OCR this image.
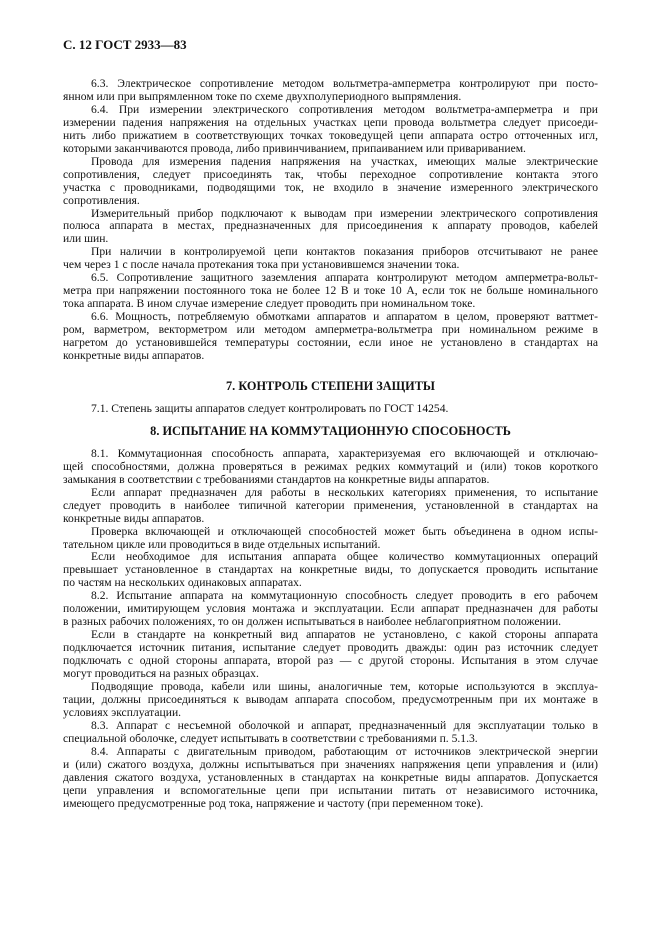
С. 12 ГОСТ 2933—83
6.3. Электрическое сопротивление методом вольтметра-амперметра контролируют при посто-
янном или при выпрямленном токе по схеме двухполупериодного выпрямления.
6.4. При измерении электрического сопротивления методом вольтметра-амперметра и при
измерении падения напряжения на отдельных участках цепи провода вольтметра следует присоеди-
нить либо прижатием в соответствующих точках токоведущей цепи аппарата остро отточенных игл,
которыми заканчиваются провода, либо привинчиванием, припаиванием или привариванием.
Провода для измерения падения напряжения на участках, имеющих малые электрические
сопротивления, следует присоединять так, чтобы переходное сопротивление контакта этого
участка с проводниками, подводящими ток, не входило в значение измеренного электрического
сопротивления.
Измерительный прибор подключают к выводам при измерении электрического сопротивления
полюса аппарата в местах, предназначенных для присоединения к аппарату проводов, кабелей
или шин.
При наличии в контролируемой цепи контактов показания приборов отсчитывают не ранее
чем через 1 с после начала протекания тока при установившемся значении тока.
6.5. Сопротивление защитного заземления аппарата контролируют методом амперметра-вольт-
метра при напряжении постоянного тока не более 12 В и токе 10 А, если ток не больше номинального
тока аппарата. В ином случае измерение следует проводить при номинальном токе.
6.6. Мощность, потребляемую обмотками аппаратов и аппаратом в целом, проверяют ваттмет-
ром, варметром, векторметром или методом амперметра-вольтметра при номинальном режиме в
нагретом до установившейся температуры состоянии, если иное не установлено в стандартах на
конкретные виды аппаратов.
7. КОНТРОЛЬ СТЕПЕНИ ЗАЩИТЫ
7.1. Степень защиты аппаратов следует контролировать по ГОСТ 14254.
8. ИСПЫТАНИЕ НА КОММУТАЦИОННУЮ СПОСОБНОСТЬ
8.1. Коммутационная способность аппарата, характеризуемая его включающей и отключаю-
щей способностями, должна проверяться в режимах редких коммутаций и (или) токов короткого
замыкания в соответствии с требованиями стандартов на конкретные виды аппаратов.
Если аппарат предназначен для работы в нескольких категориях применения, то испытание
следует проводить в наиболее типичной категории применения, установленной в стандартах на
конкретные виды аппаратов.
Проверка включающей и отключающей способностей может быть объединена в одном испы-
тательном цикле или проводиться в виде отдельных испытаний.
Если необходимое для испытания аппарата общее количество коммутационных операций
превышает установленное в стандартах на конкретные виды, то допускается проводить испытание
по частям на нескольких одинаковых аппаратах.
8.2. Испытание аппарата на коммутационную способность следует проводить в его рабочем
положении, имитирующем условия монтажа и эксплуатации. Если аппарат предназначен для работы
в разных рабочих положениях, то он должен испытываться в наиболее неблагоприятном положении.
Если в стандарте на конкретный вид аппаратов не установлено, с какой стороны аппарата
подключается источник питания, испытание следует проводить дважды: один раз источник следует
подключать с одной стороны аппарата, второй раз — с другой стороны. Испытания в этом случае
могут проводиться на разных образцах.
Подводящие провода, кабели или шины, аналогичные тем, которые используются в эксплуа-
тации, должны присоединяться к выводам аппарата способом, предусмотренным при их монтаже в
условиях эксплуатации.
8.3. Аппарат с несъемной оболочкой и аппарат, предназначенный для эксплуатации только в
специальной оболочке, следует испытывать в соответствии с требованиями п. 5.1.3.
8.4. Аппараты с двигательным приводом, работающим от источников электрической энергии
и (или) сжатого воздуха, должны испытываться при значениях напряжения цепи управления и (или)
давления сжатого воздуха, установленных в стандартах на конкретные виды аппаратов. Допускается
цепи управления и вспомогательные цепи при испытании питать от независимого источника,
имеющего предусмотренные род тока, напряжение и частоту (при переменном токе).
